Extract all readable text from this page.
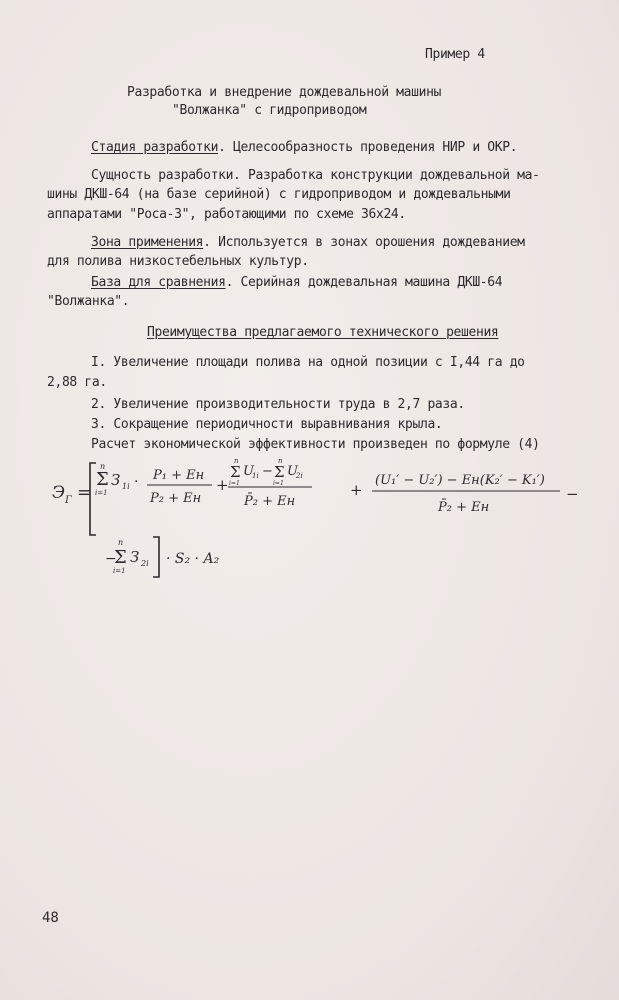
Пример 4
Разработка и внедрение дождевальной машины
"Волжанка" с гидроприводом
Стадия разработки. Целесообразность проведения НИР и ОКР.
Сущность разработки. Разработка конструкции дождевальной ма-
шины ДКШ-64 (на базе серийной) с гидроприводом и дождевальными
аппаратами "Роса-3", работающими по схеме 36х24.
Зона применения. Используется в зонах орошения дождеванием
для полива низкостебельных культур.
База для сравнения. Серийная дождевальная машина ДКШ-64
"Волжанка".
Преимущества предлагаемого технического решения
I. Увеличение площади полива на одной позиции с I,44 га до
2,88 га.
2. Увеличение производительности труда в 2,7 раза.
3. Сокращение периодичности выравнивания крыла.
Расчет экономической эффективности произведен по формуле (4)
Э Г =
n
Σ
i=1
З 1i · P₁ + Eн
P₂ + Eн
+
n
Σ
i=1
U
1i −
n
Σ
i=1
U
2i
P̄₂ + Eн
+
(U₁′ − U₂′) − Eн(K₂′ − K₁′)
P̄₂ + Eн
−
−
n
Σ
i=1
З 2i · S₂ · A₂
48
